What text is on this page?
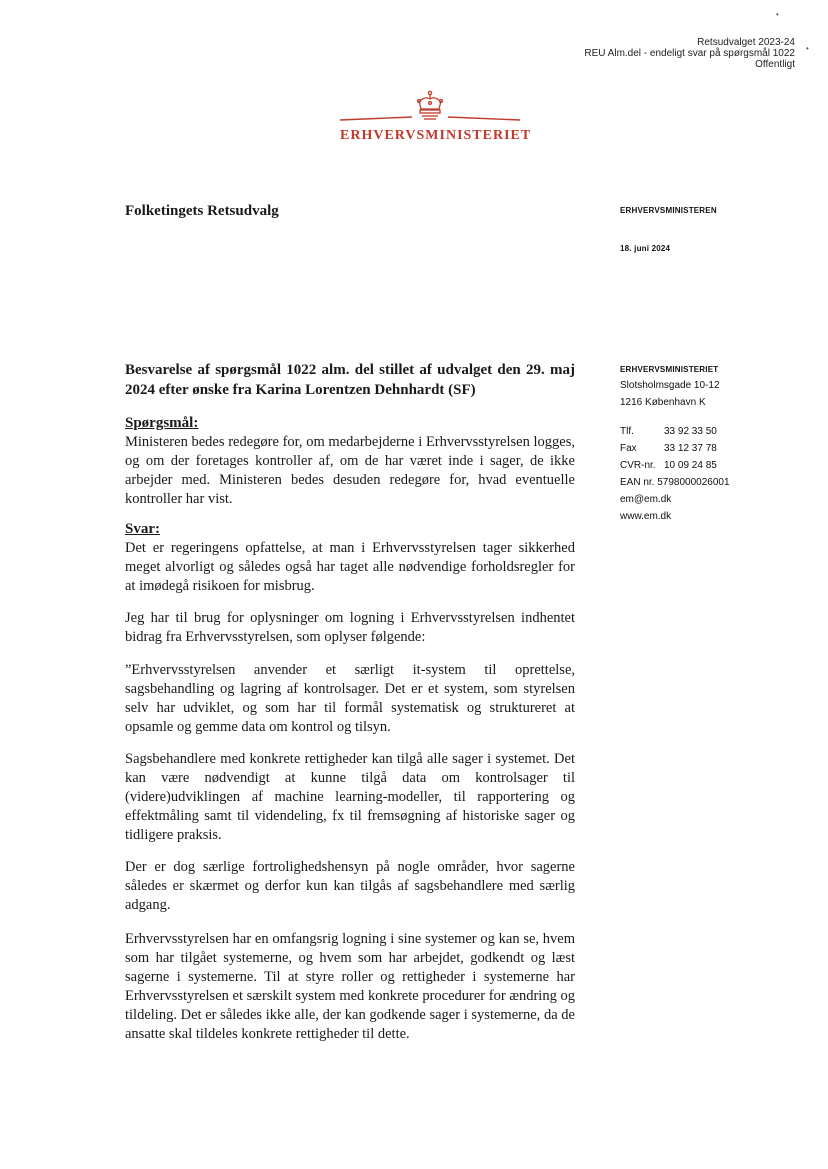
•
•
Retsudvalget 2023-24
REU Alm.del - endeligt svar på spørgsmål 1022
Offentligt
ERHVERVSMINISTERIET
Folketingets Retsudvalg	ERHVERVSMINISTEREN
18. juni 2024
ERHVERVSMINISTERIET
Slotsholmsgade 10-12
1216 København K
Tlf.	33 92 33 50
Fax	33 12 37 78
CVR-nr.	10 09 24 85
EAN nr. 5798000026001
em@em.dk
www.em.dk
Besvarelse af spørgsmål 1022 alm. del stillet af udvalget den 29. maj 2024 efter ønske fra Karina Lorentzen Dehnhardt (SF)
Spørgsmål:
Ministeren bedes redegøre for, om medarbejderne i Erhvervsstyrelsen logges, og om der foretages kontroller af, om de har været inde i sager, de ikke arbejder med. Ministeren bedes desuden redegøre for, hvad eventuelle kontroller har vist.
Svar:
Det er regeringens opfattelse, at man i Erhvervsstyrelsen tager sikkerhed meget alvorligt og således også har taget alle nødvendige forholdsregler for at imødegå risikoen for misbrug.
Jeg har til brug for oplysninger om logning i Erhvervsstyrelsen indhentet bidrag fra Erhvervsstyrelsen, som oplyser følgende:
”Erhvervsstyrelsen anvender et særligt it-system til oprettelse, sagsbehandling og lagring af kontrolsager. Det er et system, som styrelsen selv har udviklet, og som har til formål systematisk og struktureret at opsamle og gemme data om kontrol og tilsyn.
Sagsbehandlere med konkrete rettigheder kan tilgå alle sager i systemet. Det kan være nødvendigt at kunne tilgå data om kontrolsager til (videre)udviklingen af machine learning-modeller, til rapportering og effektmåling samt til videndeling, fx til fremsøgning af historiske sager og tidligere praksis.
Der er dog særlige fortrolighedshensyn på nogle områder, hvor sagerne således er skærmet og derfor kun kan tilgås af sagsbehandlere med særlig adgang.
Erhvervsstyrelsen har en omfangsrig logning i sine systemer og kan se, hvem som har tilgået systemerne, og hvem som har arbejdet, godkendt og læst sagerne i systemerne. Til at styre roller og rettigheder i systemerne har Erhvervsstyrelsen et særskilt system med konkrete procedurer for ændring og tildeling. Det er således ikke alle, der kan godkende sager i systemerne, da de ansatte skal tildeles konkrete rettigheder til dette.
